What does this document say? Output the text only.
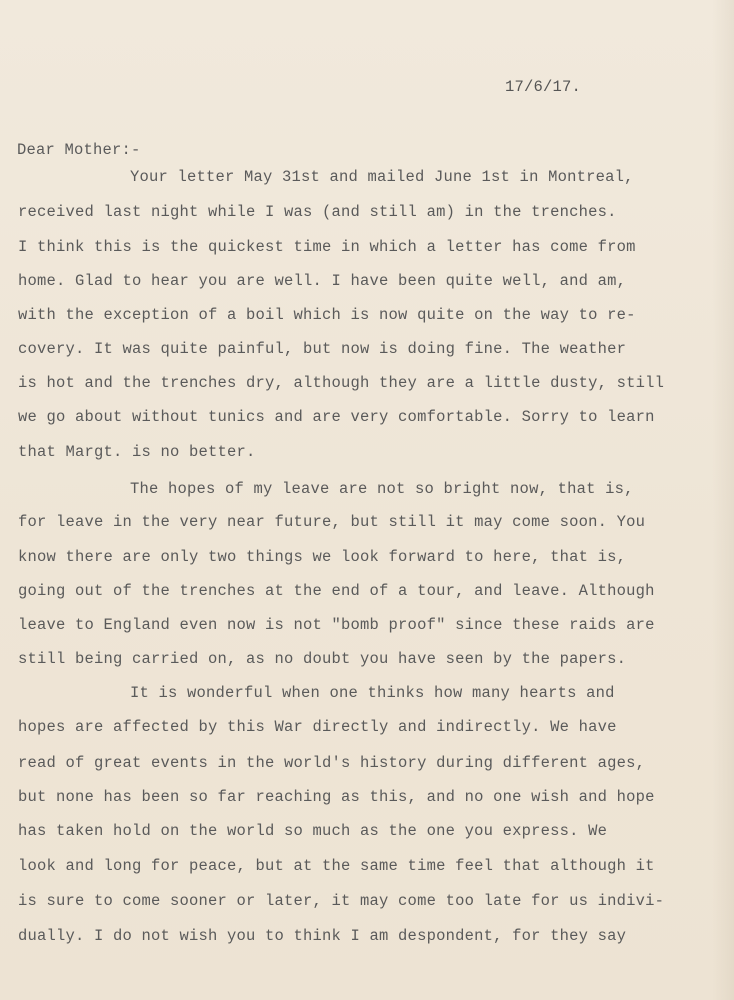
17/6/17.

Dear Mother:-

Your letter May 31st and mailed June 1st in Montreal,

received last night while I was (and still am) in the trenches.

I think this is the quickest time in which a letter has come from

home. Glad to hear you are well. I have been quite well, and am,

with the exception of a boil which is now quite on the way to re-

covery. It was quite painful, but now is doing fine. The weather

is hot and the trenches dry, although they are a little dusty, still

we go about without tunics and are very comfortable. Sorry to learn

that Margt. is no better.

The hopes of my leave are not so bright now, that is,

for leave in the very near future, but still it may come soon. You

know there are only two things we look forward to here, that is,

going out of the trenches at the end of a tour, and leave. Although

leave to England even now is not "bomb proof" since these raids are

still being carried on, as no doubt you have seen by the papers.

It is wonderful when one thinks how many hearts and

hopes are affected by this War directly and indirectly. We have

read of great events in the world's history during different ages,

but none has been so far reaching as this, and no one wish and hope

has taken hold on the world so much as the one you express. We

look and long for peace, but at the same time feel that although it

is sure to come sooner or later, it may come too late for us indivi-

dually. I do not wish you to think I am despondent, for they say
